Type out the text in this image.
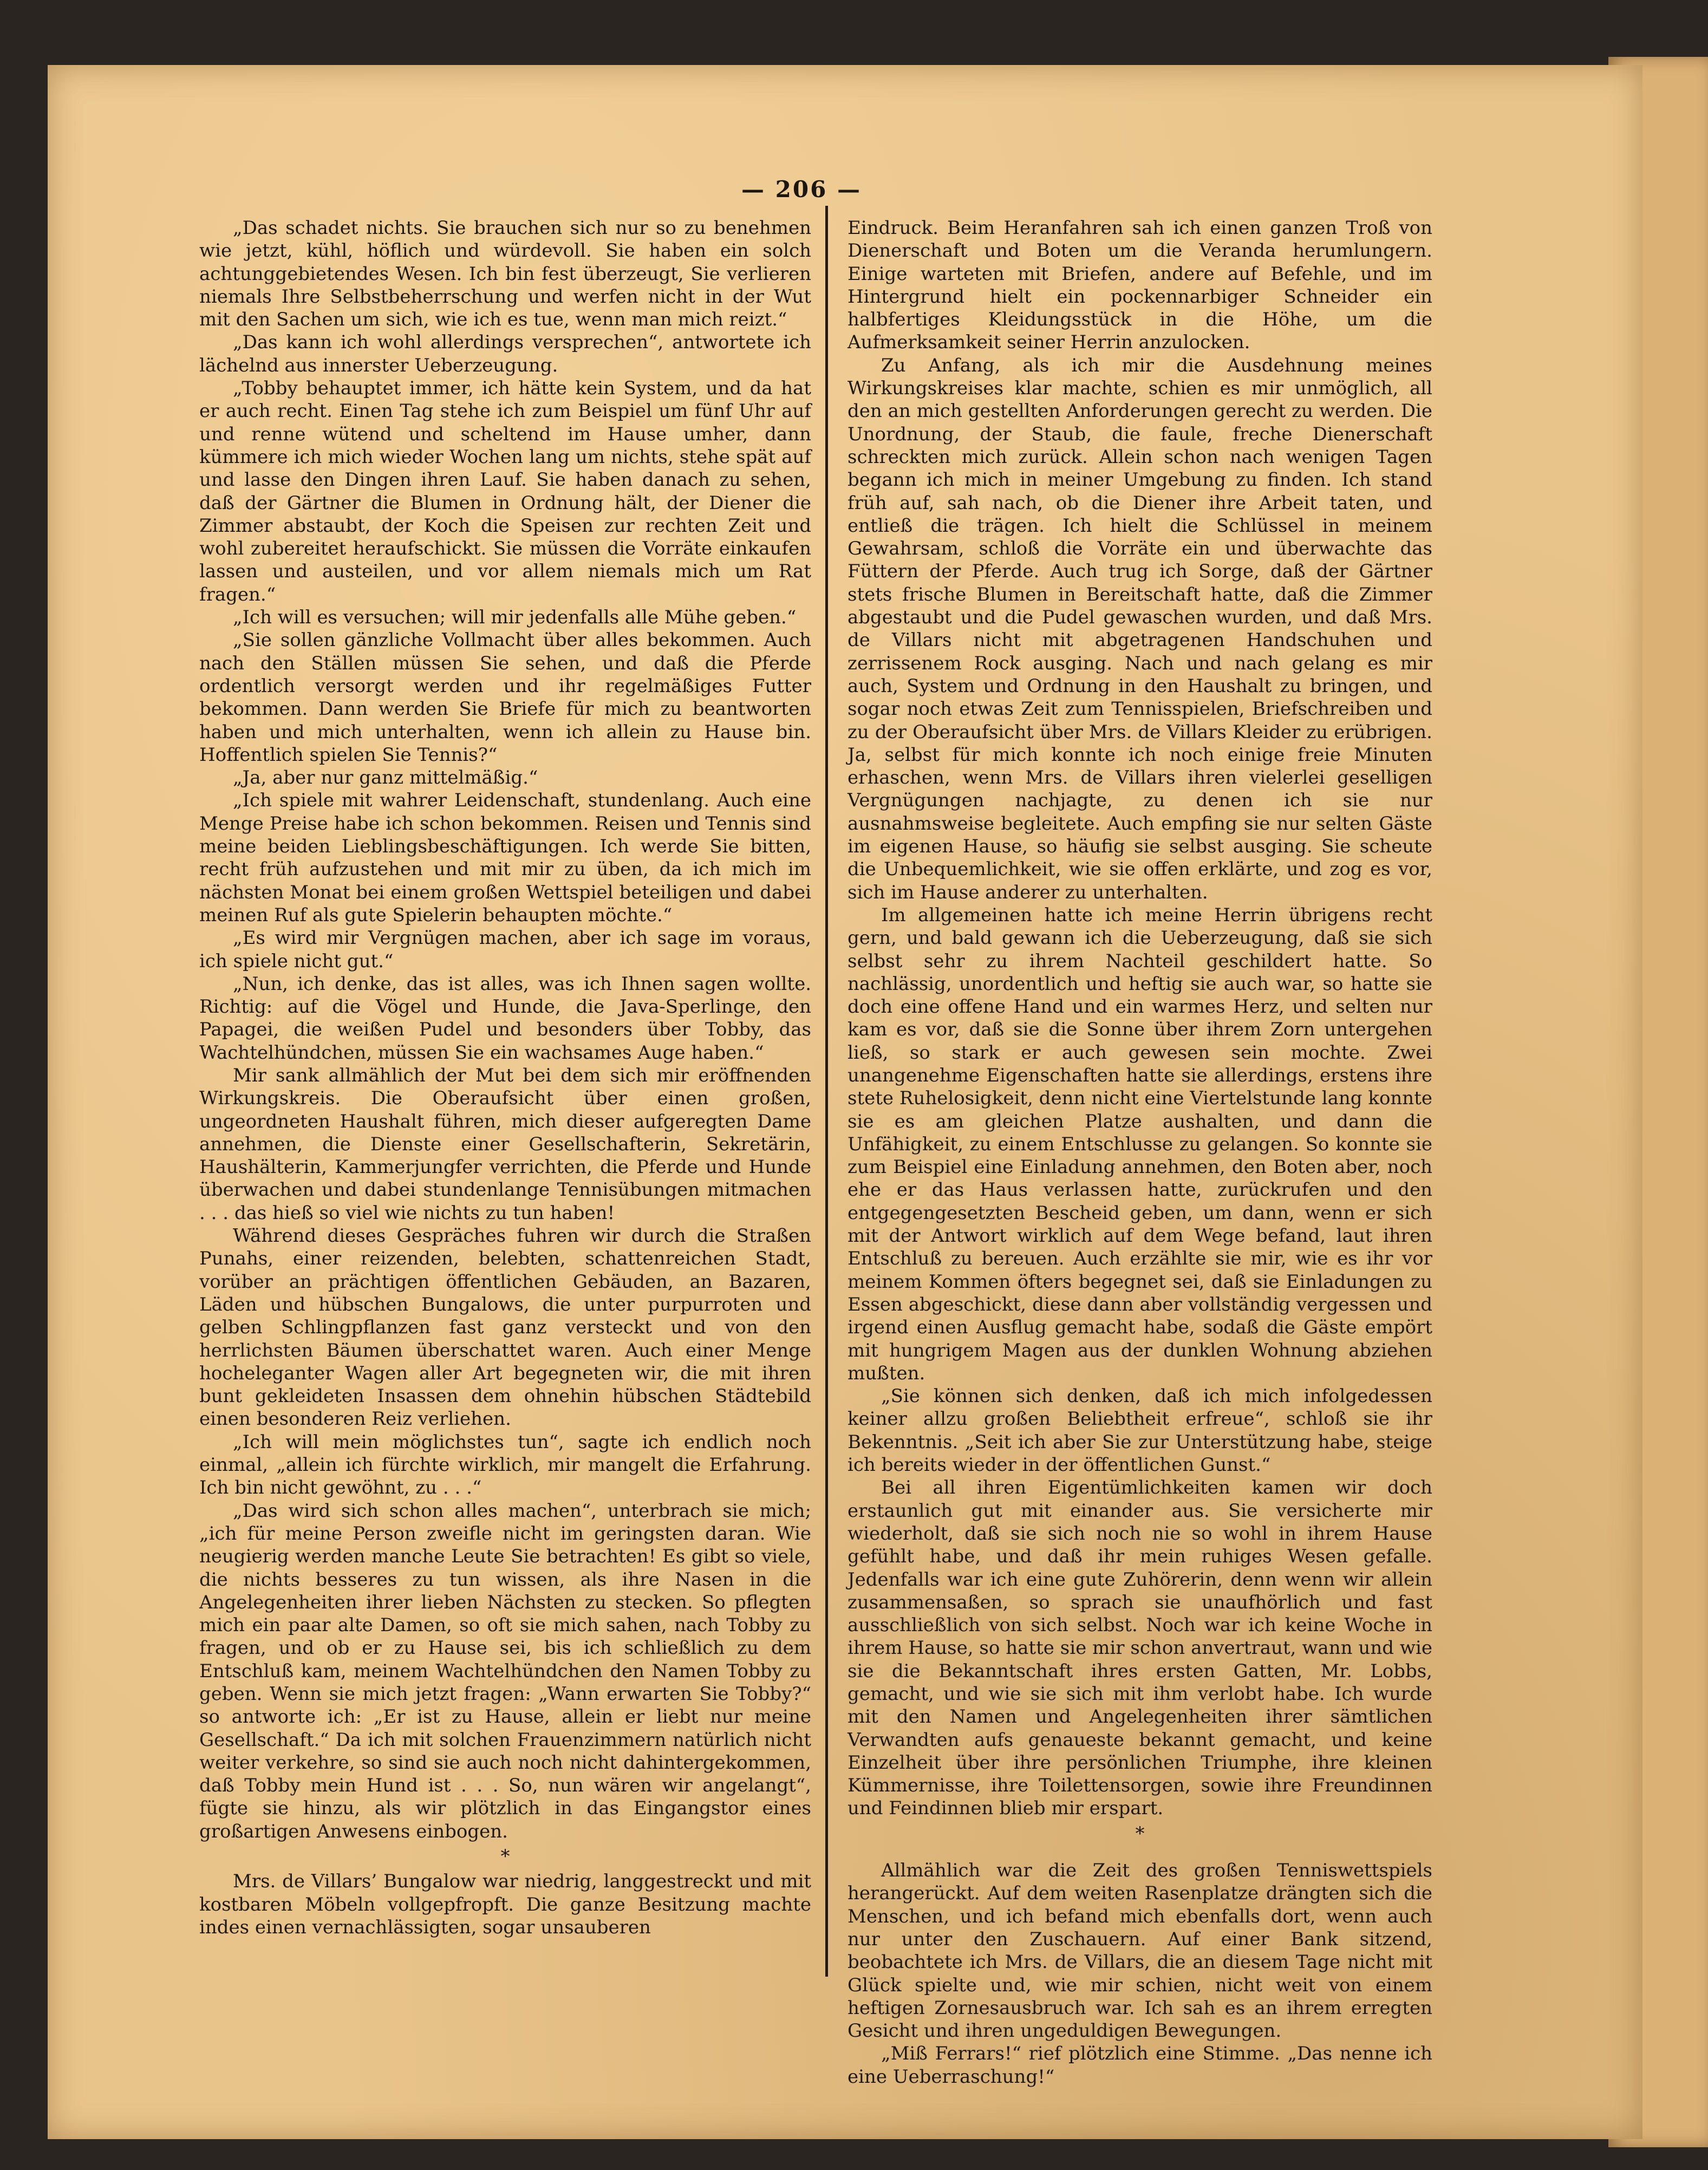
— 206 —

„Das schadet nichts. Sie brauchen sich nur so zu benehmen wie jetzt, kühl, höflich und würdevoll. Sie haben ein solch achtunggebietendes Wesen. Ich bin fest überzeugt, Sie verlieren niemals Ihre Selbstbeherrschung und werfen nicht in der Wut mit den Sachen um sich, wie ich es tue, wenn man mich reizt.“

„Das kann ich wohl allerdings versprechen“, antwortete ich lächelnd aus innerster Ueberzeugung.

„Tobby behauptet immer, ich hätte kein System, und da hat er auch recht. Einen Tag stehe ich zum Beispiel um fünf Uhr auf und renne wütend und scheltend im Hause umher, dann kümmere ich mich wieder Wochen lang um nichts, stehe spät auf und lasse den Dingen ihren Lauf. Sie haben danach zu sehen, daß der Gärtner die Blumen in Ordnung hält, der Diener die Zimmer abstaubt, der Koch die Speisen zur rechten Zeit und wohl zubereitet heraufschickt. Sie müssen die Vorräte einkaufen lassen und austeilen, und vor allem niemals mich um Rat fragen.“

„Ich will es versuchen; will mir jedenfalls alle Mühe geben.“

„Sie sollen gänzliche Vollmacht über alles bekommen. Auch nach den Ställen müssen Sie sehen, und daß die Pferde ordentlich versorgt werden und ihr regelmäßiges Futter bekommen. Dann werden Sie Briefe für mich zu beantworten haben und mich unterhalten, wenn ich allein zu Hause bin. Hoffentlich spielen Sie Tennis?“

„Ja, aber nur ganz mittelmäßig.“

„Ich spiele mit wahrer Leidenschaft, stundenlang. Auch eine Menge Preise habe ich schon bekommen. Reisen und Tennis sind meine beiden Lieblingsbeschäftigungen. Ich werde Sie bitten, recht früh aufzustehen und mit mir zu üben, da ich mich im nächsten Monat bei einem großen Wettspiel beteiligen und dabei meinen Ruf als gute Spielerin behaupten möchte.“

„Es wird mir Vergnügen machen, aber ich sage im voraus, ich spiele nicht gut.“

„Nun, ich denke, das ist alles, was ich Ihnen sagen wollte. Richtig: auf die Vögel und Hunde, die Java-Sperlinge, den Papagei, die weißen Pudel und besonders über Tobby, das Wachtelhündchen, müssen Sie ein wachsames Auge haben.“

Mir sank allmählich der Mut bei dem sich mir eröffnenden Wirkungskreis. Die Oberaufsicht über einen großen, ungeordneten Haushalt führen, mich dieser aufgeregten Dame annehmen, die Dienste einer Gesellschafterin, Sekretärin, Haushälterin, Kammerjungfer verrichten, die Pferde und Hunde überwachen und dabei stundenlange Tennisübungen mitmachen . . . das hieß so viel wie nichts zu tun haben!

Während dieses Gespräches fuhren wir durch die Straßen Punahs, einer reizenden, belebten, schattenreichen Stadt, vorüber an prächtigen öffentlichen Gebäuden, an Bazaren, Läden und hübschen Bungalows, die unter purpurroten und gelben Schlingpflanzen fast ganz versteckt und von den herrlichsten Bäumen überschattet waren. Auch einer Menge hocheleganter Wagen aller Art begegneten wir, die mit ihren bunt gekleideten Insassen dem ohnehin hübschen Städtebild einen besonderen Reiz verliehen.

„Ich will mein möglichstes tun“, sagte ich endlich noch einmal, „allein ich fürchte wirklich, mir mangelt die Erfahrung. Ich bin nicht gewöhnt, zu . . .“

„Das wird sich schon alles machen“, unterbrach sie mich; „ich für meine Person zweifle nicht im geringsten daran. Wie neugierig werden manche Leute Sie betrachten! Es gibt so viele, die nichts besseres zu tun wissen, als ihre Nasen in die Angelegenheiten ihrer lieben Nächsten zu stecken. So pflegten mich ein paar alte Damen, so oft sie mich sahen, nach Tobby zu fragen, und ob er zu Hause sei, bis ich schließlich zu dem Entschluß kam, meinem Wachtelhündchen den Namen Tobby zu geben. Wenn sie mich jetzt fragen: „Wann erwarten Sie Tobby?“ so antworte ich: „Er ist zu Hause, allein er liebt nur meine Gesellschaft.“ Da ich mit solchen Frauenzimmern natürlich nicht weiter verkehre, so sind sie auch noch nicht dahintergekommen, daß Tobby mein Hund ist . . . So, nun wären wir angelangt“, fügte sie hinzu, als wir plötzlich in das Eingangstor eines großartigen Anwesens einbogen.

*

Mrs. de Villars’ Bungalow war niedrig, langgestreckt und mit kostbaren Möbeln vollgepfropft. Die ganze Besitzung machte indes einen vernachlässigten, sogar unsauberen

Eindruck. Beim Heranfahren sah ich einen ganzen Troß von Dienerschaft und Boten um die Veranda herumlungern. Einige warteten mit Briefen, andere auf Befehle, und im Hintergrund hielt ein pockennarbiger Schneider ein halbfertiges Kleidungsstück in die Höhe, um die Aufmerksamkeit seiner Herrin anzulocken.

Zu Anfang, als ich mir die Ausdehnung meines Wirkungskreises klar machte, schien es mir unmöglich, all den an mich gestellten Anforderungen gerecht zu werden. Die Unordnung, der Staub, die faule, freche Dienerschaft schreckten mich zurück. Allein schon nach wenigen Tagen begann ich mich in meiner Umgebung zu finden. Ich stand früh auf, sah nach, ob die Diener ihre Arbeit taten, und entließ die trägen. Ich hielt die Schlüssel in meinem Gewahrsam, schloß die Vorräte ein und überwachte das Füttern der Pferde. Auch trug ich Sorge, daß der Gärtner stets frische Blumen in Bereitschaft hatte, daß die Zimmer abgestaubt und die Pudel gewaschen wurden, und daß Mrs. de Villars nicht mit abgetragenen Handschuhen und zerrissenem Rock ausging. Nach und nach gelang es mir auch, System und Ordnung in den Haushalt zu bringen, und sogar noch etwas Zeit zum Tennisspielen, Briefschreiben und zu der Oberaufsicht über Mrs. de Villars Kleider zu erübrigen. Ja, selbst für mich konnte ich noch einige freie Minuten erhaschen, wenn Mrs. de Villars ihren vielerlei geselligen Vergnügungen nachjagte, zu denen ich sie nur ausnahmsweise begleitete. Auch empfing sie nur selten Gäste im eigenen Hause, so häufig sie selbst ausging. Sie scheute die Unbequemlichkeit, wie sie offen erklärte, und zog es vor, sich im Hause anderer zu unterhalten.

Im allgemeinen hatte ich meine Herrin übrigens recht gern, und bald gewann ich die Ueberzeugung, daß sie sich selbst sehr zu ihrem Nachteil geschildert hatte. So nachlässig, unordentlich und heftig sie auch war, so hatte sie doch eine offene Hand und ein warmes Herz, und selten nur kam es vor, daß sie die Sonne über ihrem Zorn untergehen ließ, so stark er auch gewesen sein mochte. Zwei unangenehme Eigenschaften hatte sie allerdings, erstens ihre stete Ruhelosigkeit, denn nicht eine Viertelstunde lang konnte sie es am gleichen Platze aushalten, und dann die Unfähigkeit, zu einem Entschlusse zu gelangen. So konnte sie zum Beispiel eine Einladung annehmen, den Boten aber, noch ehe er das Haus verlassen hatte, zurückrufen und den entgegengesetzten Bescheid geben, um dann, wenn er sich mit der Antwort wirklich auf dem Wege befand, laut ihren Entschluß zu bereuen. Auch erzählte sie mir, wie es ihr vor meinem Kommen öfters begegnet sei, daß sie Einladungen zu Essen abgeschickt, diese dann aber vollständig vergessen und irgend einen Ausflug gemacht habe, sodaß die Gäste empört mit hungrigem Magen aus der dunklen Wohnung abziehen mußten.

„Sie können sich denken, daß ich mich infolgedessen keiner allzu großen Beliebtheit erfreue“, schloß sie ihr Bekenntnis. „Seit ich aber Sie zur Unterstützung habe, steige ich bereits wieder in der öffentlichen Gunst.“

Bei all ihren Eigentümlichkeiten kamen wir doch erstaunlich gut mit einander aus. Sie versicherte mir wiederholt, daß sie sich noch nie so wohl in ihrem Hause gefühlt habe, und daß ihr mein ruhiges Wesen gefalle. Jedenfalls war ich eine gute Zuhörerin, denn wenn wir allein zusammensaßen, so sprach sie unaufhörlich und fast ausschließlich von sich selbst. Noch war ich keine Woche in ihrem Hause, so hatte sie mir schon anvertraut, wann und wie sie die Bekanntschaft ihres ersten Gatten, Mr. Lobbs, gemacht, und wie sie sich mit ihm verlobt habe. Ich wurde mit den Namen und Angelegenheiten ihrer sämtlichen Verwandten aufs genaueste bekannt gemacht, und keine Einzelheit über ihre persönlichen Triumphe, ihre kleinen Kümmernisse, ihre Toilettensorgen, sowie ihre Freundinnen und Feindinnen blieb mir erspart.

*

Allmählich war die Zeit des großen Tenniswettspiels herangerückt. Auf dem weiten Rasenplatze drängten sich die Menschen, und ich befand mich ebenfalls dort, wenn auch nur unter den Zuschauern. Auf einer Bank sitzend, beobachtete ich Mrs. de Villars, die an diesem Tage nicht mit Glück spielte und, wie mir schien, nicht weit von einem heftigen Zornesausbruch war. Ich sah es an ihrem erregten Gesicht und ihren ungeduldigen Bewegungen.

„Miß Ferrars!“ rief plötzlich eine Stimme. „Das nenne ich eine Ueberraschung!“
